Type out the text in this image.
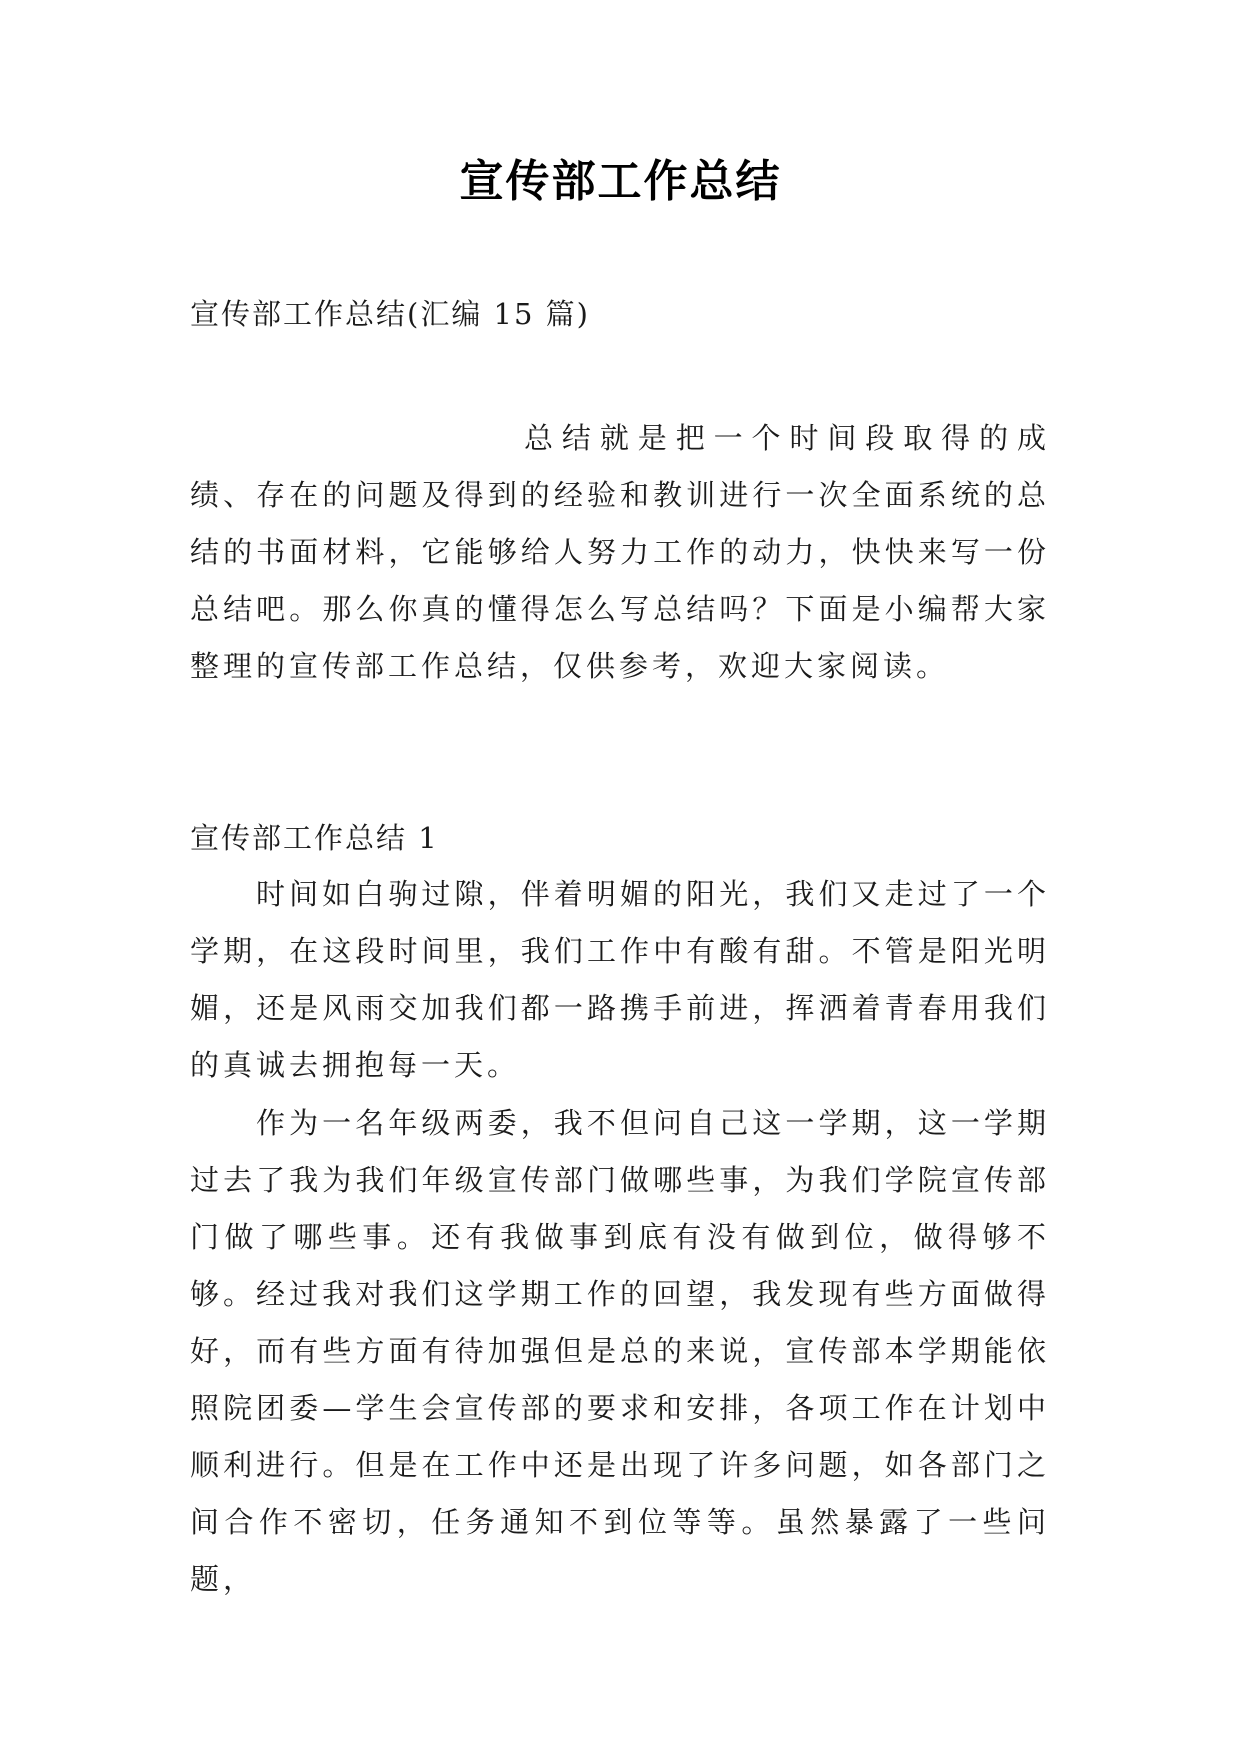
宣传部工作总结
宣传部工作总结(汇编 15 篇)

总结就是把一个时间段取得的成绩、存在的问题及得到的经验和教训进行一次全面系统的总结的书面材料，它能够给人努力工作的动力，快快来写一份总结吧。那么你真的懂得怎么写总结吗？下面是小编帮大家整理的宣传部工作总结，仅供参考，欢迎大家阅读。

宣传部工作总结 1

时间如白驹过隙，伴着明媚的阳光，我们又走过了一个学期，在这段时间里，我们工作中有酸有甜。不管是阳光明媚，还是风雨交加我们都一路携手前进，挥洒着青春用我们的真诚去拥抱每一天。

作为一名年级两委，我不但问自己这一学期，这一学期过去了我为我们年级宣传部门做哪些事，为我们学院宣传部门做了哪些事。还有我做事到底有没有做到位，做得够不够。 经过我对我们这学期工作的回望，我发现有些方面做得好，而有些方面有待加强但是总的来说，宣传部本学期能依照院团委—学生会宣传部的要求和安排，各项工作在计划中顺利进行。但是在工作中还是出现了许多问题，如各部门之间合作不密切，任务通知不到位等等。虽然暴露了一些问题，
